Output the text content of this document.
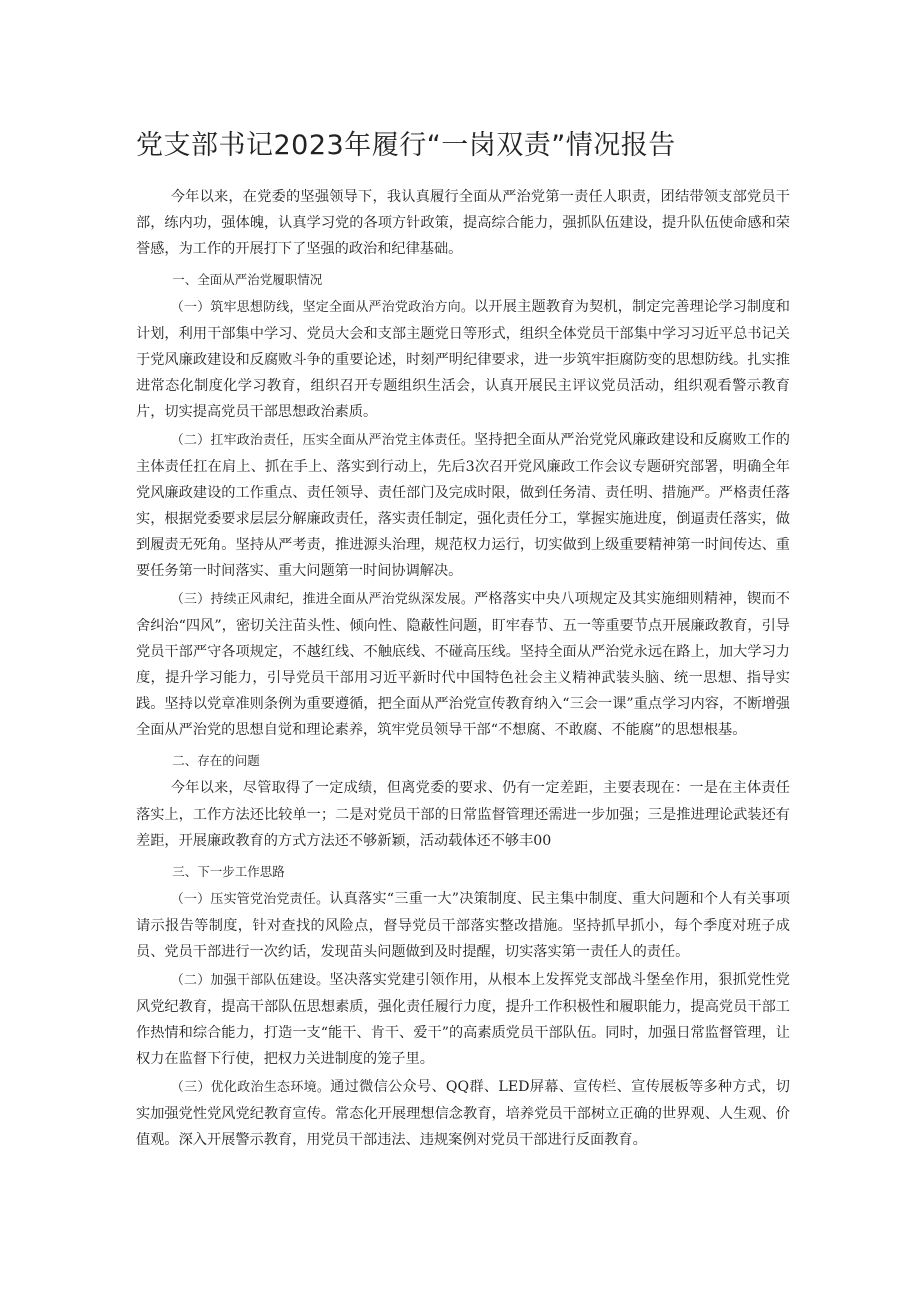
党支部书记2023年履行“一岗双责”情况报告

今年以来，在党委的坚强领导下，我认真履行全面从严治党第一责任人职责，团结带领支部党员干部，练内功，强体魄，认真学习党的各项方针政策，提高综合能力，强抓队伍建设，提升队伍使命感和荣誉感，为工作的开展打下了坚强的政治和纪律基础。

一、全面从严治党履职情况

（一）筑牢思想防线，坚定全面从严治党政治方向。以开展主题教育为契机，制定完善理论学习制度和计划，利用干部集中学习、党员大会和支部主题党日等形式，组织全体党员干部集中学习习近平总书记关于党风廉政建设和反腐败斗争的重要论述，时刻严明纪律要求，进一步筑牢拒腐防变的思想防线。扎实推进常态化制度化学习教育，组织召开专题组织生活会，认真开展民主评议党员活动，组织观看警示教育片，切实提高党员干部思想政治素质。

（二）扛牢政治责任，压实全面从严治党主体责任。坚持把全面从严治党党风廉政建设和反腐败工作的主体责任扛在肩上、抓在手上、落实到行动上，先后3次召开党风廉政工作会议专题研究部署，明确全年党风廉政建设的工作重点、责任领导、责任部门及完成时限，做到任务清、责任明、措施严。严格责任落实，根据党委要求层层分解廉政责任，落实责任制定，强化责任分工，掌握实施进度，倒逼责任落实，做到履责无死角。坚持从严考责，推进源头治理，规范权力运行，切实做到上级重要精神第一时间传达、重要任务第一时间落实、重大问题第一时间协调解决。

（三）持续正风肃纪，推进全面从严治党纵深发展。严格落实中央八项规定及其实施细则精神，锲而不舍纠治“四风”，密切关注苗头性、倾向性、隐蔽性问题，盯牢春节、五一等重要节点开展廉政教育，引导党员干部严守各项规定，不越红线、不触底线、不碰高压线。坚持全面从严治党永远在路上，加大学习力度，提升学习能力，引导党员干部用习近平新时代中国特色社会主义精神武装头脑、统一思想、指导实践。坚持以党章准则条例为重要遵循，把全面从严治党宣传教育纳入“三会一课”重点学习内容，不断增强全面从严治党的思想自觉和理论素养，筑牢党员领导干部“不想腐、不敢腐、不能腐”的思想根基。

二、存在的问题

今年以来，尽管取得了一定成绩，但离党委的要求、仍有一定差距，主要表现在：一是在主体责任落实上，工作方法还比较单一；二是对党员干部的日常监督管理还需进一步加强；三是推进理论武装还有差距，开展廉政教育的方式方法还不够新颖，活动载体还不够丰00

三、下一步工作思路

（一）压实管党治党责任。认真落实“三重一大”决策制度、民主集中制度、重大问题和个人有关事项请示报告等制度，针对查找的风险点，督导党员干部落实整改措施。坚持抓早抓小，每个季度对班子成员、党员干部进行一次约话，发现苗头问题做到及时提醒，切实落实第一责任人的责任。

（二）加强干部队伍建设。坚决落实党建引领作用，从根本上发挥党支部战斗堡垒作用，狠抓党性党风党纪教育，提高干部队伍思想素质，强化责任履行力度，提升工作积极性和履职能力，提高党员干部工作热情和综合能力，打造一支“能干、肯干、爱干”的高素质党员干部队伍。同时，加强日常监督管理，让权力在监督下行使，把权力关进制度的笼子里。

（三）优化政治生态环境。通过微信公众号、QQ群、LED屏幕、宣传栏、宣传展板等多种方式，切实加强党性党风党纪教育宣传。常态化开展理想信念教育，培养党员干部树立正确的世界观、人生观、价值观。深入开展警示教育，用党员干部违法、违规案例对党员干部进行反面教育。
